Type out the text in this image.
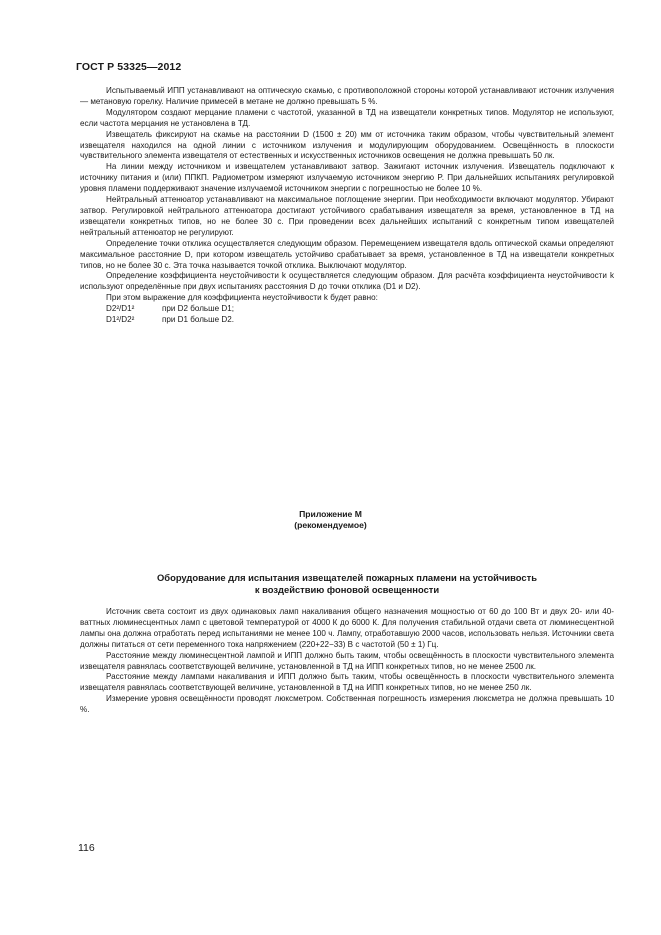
ГОСТ Р 53325—2012

Испытываемый ИПП устанавливают на оптическую скамью, с противоположной стороны которой устанавливают источник излучения — метановую горелку. Наличие примесей в метане не должно превышать 5 %.

Модулятором создают мерцание пламени с частотой, указанной в ТД на извещатели конкретных типов. Модулятор не используют, если частота мерцания не установлена в ТД.

Извещатель фиксируют на скамье на расстоянии D (1500 ± 20) мм от источника таким образом, чтобы чувствительный элемент извещателя находился на одной линии с источником излучения и модулирующим оборудованием. Освещённость в плоскости чувствительного элемента извещателя от естественных и искусственных источников освещения не должна превышать 50 лк.

На линии между источником и извещателем устанавливают затвор. Зажигают источник излучения. Извещатель подключают к источнику питания и (или) ППКП. Радиометром измеряют излучаемую источником энергию P. При дальнейших испытаниях регулировкой уровня пламени поддерживают значение излучаемой источником энергии с погрешностью не более 10 %.

Нейтральный аттенюатор устанавливают на максимальное поглощение энергии. При необходимости включают модулятор. Убирают затвор. Регулировкой нейтрального аттенюатора достигают устойчивого срабатывания извещателя за время, установленное в ТД на извещатели конкретных типов, но не более 30 с. При проведении всех дальнейших испытаний с конкретным типом извещателей нейтральный аттенюатор не регулируют.

Определение точки отклика осуществляется следующим образом. Перемещением извещателя вдоль оптической скамьи определяют максимальное расстояние D, при котором извещатель устойчиво срабатывает за время, установленное в ТД на извещатели конкретных типов, но не более 30 с. Эта точка называется точкой отклика. Выключают модулятор.

Определение коэффициента неустойчивости k осуществляется следующим образом. Для расчёта коэффициента неустойчивости k используют определённые при двух испытаниях расстояния D до точки отклика (D1 и D2).

При этом выражение для коэффициента неустойчивости k будет равно:

D2²/D1²	при D2 больше D1;
D1²/D2²	при D1 больше D2.
Приложение М
(рекомендуемое)
Оборудование для испытания извещателей пожарных пламени на устойчивость
к воздействию фоновой освещенности

Источник света состоит из двух одинаковых ламп накаливания общего назначения мощностью от 60 до 100 Вт и двух 20- или 40-ваттных люминесцентных ламп с цветовой температурой от 4000 К до 6000 К. Для получения стабильной отдачи света от люминесцентной лампы она должна отработать перед испытаниями не менее 100 ч. Лампу, отработавшую 2000 часов, использовать нельзя. Источники света должны питаться от сети переменного тока напряжением (220+22−33) В с частотой (50 ± 1) Гц.

Расстояние между люминесцентной лампой и ИПП должно быть таким, чтобы освещённость в плоскости чувствительного элемента извещателя равнялась соответствующей величине, установленной в ТД на ИПП конкретных типов, но не менее 2500 лк.

Расстояние между лампами накаливания и ИПП должно быть таким, чтобы освещённость в плоскости чувствительного элемента извещателя равнялась соответствующей величине, установленной в ТД на ИПП конкретных типов, но не менее 250 лк.

Измерение уровня освещённости проводят люксметром. Собственная погрешность измерения люксметра не должна превышать 10 %.

116
